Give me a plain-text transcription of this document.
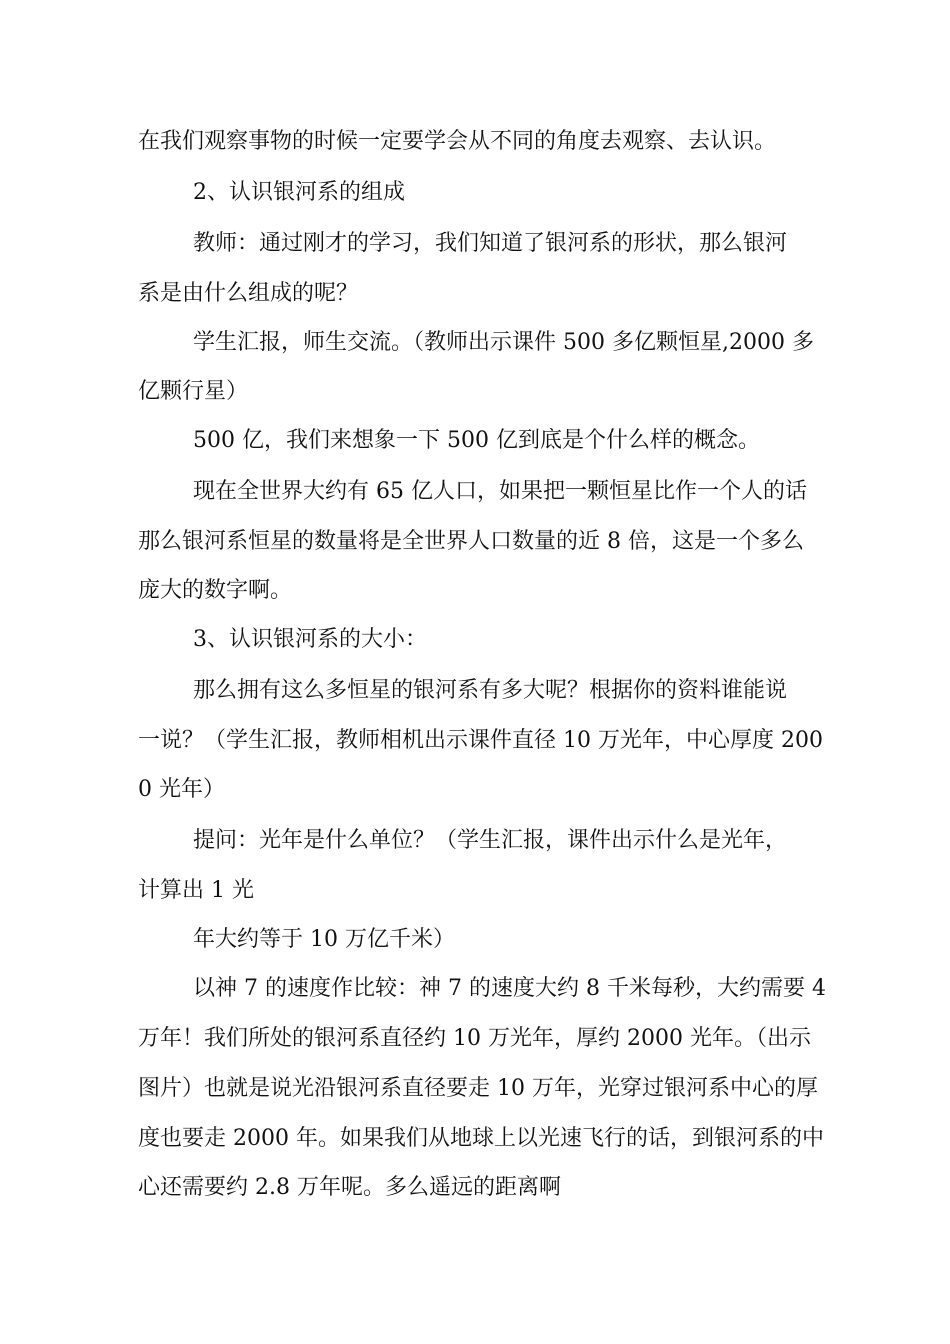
在我们观察事物的时候一定要学会从不同的角度去观察、去认识。
2、认识银河系的组成
教师：通过刚才的学习，我们知道了银河系的形状，那么银河
系是由什么组成的呢？
学生汇报，师生交流。（教师出示课件 500 多亿颗恒星,2000 多
亿颗行星）
500 亿，我们来想象一下 500 亿到底是个什么样的概念。
现在全世界大约有 65 亿人口，如果把一颗恒星比作一个人的话
那么银河系恒星的数量将是全世界人口数量的近 8 倍，这是一个多么
庞大的数字啊。
3、认识银河系的大小：
那么拥有这么多恒星的银河系有多大呢？根据你的资料谁能说
一说？（学生汇报，教师相机出示课件直径 10 万光年，中心厚度 200
0 光年）
提问：光年是什么单位？（学生汇报，课件出示什么是光年，
计算出 1 光
年大约等于 10 万亿千米）
以神 7 的速度作比较：神 7 的速度大约 8 千米每秒，大约需要 4
万年！我们所处的银河系直径约 10 万光年，厚约 2000 光年。（出示
图片）也就是说光沿银河系直径要走 10 万年，光穿过银河系中心的厚
度也要走 2000 年。如果我们从地球上以光速飞行的话，到银河系的中
心还需要约 2.8 万年呢。多么遥远的距离啊
